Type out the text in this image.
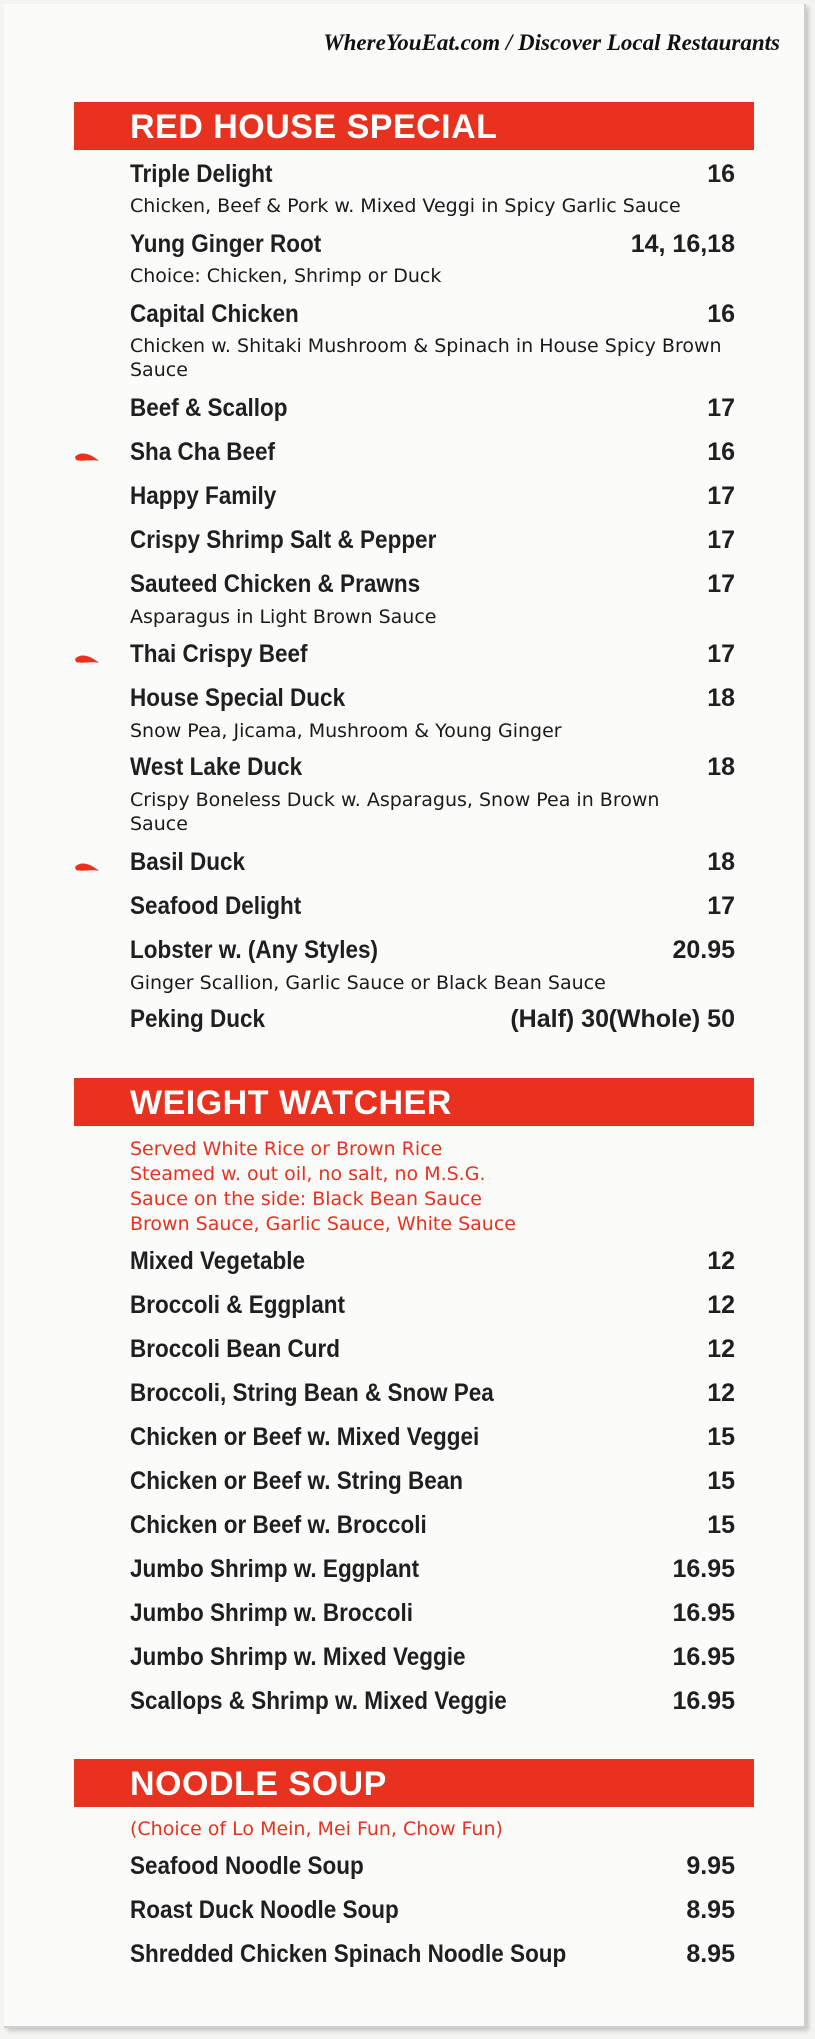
WhereYouEat.com / Discover Local Restaurants
RED HOUSE SPECIAL
Triple Delight	16
Chicken, Beef & Pork w. Mixed Veggi in Spicy Garlic Sauce
Yung Ginger Root	14, 16,18
Choice: Chicken, Shrimp or Duck
Capital Chicken	16
Chicken w. Shitaki Mushroom & Spinach in House Spicy Brown Sauce
Beef & Scallop	17
Sha Cha Beef	16
Happy Family	17
Crispy Shrimp Salt & Pepper	17
Sauteed Chicken & Prawns	17
Asparagus in Light Brown Sauce
Thai Crispy Beef	17
House Special Duck	18
Snow Pea, Jicama, Mushroom & Young Ginger
West Lake Duck	18
Crispy Boneless Duck w. Asparagus, Snow Pea in Brown Sauce
Basil Duck	18
Seafood Delight	17
Lobster w. (Any Styles)	20.95
Ginger Scallion, Garlic Sauce or Black Bean Sauce
Peking Duck	(Half) 30 (Whole) 50
WEIGHT WATCHER
Served White Rice or Brown Rice
Steamed w. out oil, no salt, no M.S.G.
Sauce on the side: Black Bean Sauce
Brown Sauce, Garlic Sauce, White Sauce
Mixed Vegetable	12
Broccoli & Eggplant	12
Broccoli Bean Curd	12
Broccoli, String Bean & Snow Pea	12
Chicken or Beef w. Mixed Veggei	15
Chicken or Beef w. String Bean	15
Chicken or Beef w. Broccoli	15
Jumbo Shrimp w. Eggplant	16.95
Jumbo Shrimp w. Broccoli	16.95
Jumbo Shrimp w. Mixed Veggie	16.95
Scallops & Shrimp w. Mixed Veggie	16.95
NOODLE SOUP
(Choice of Lo Mein, Mei Fun, Chow Fun)
Seafood Noodle Soup	9.95
Roast Duck Noodle Soup	8.95
Shredded Chicken Spinach Noodle Soup	8.95
